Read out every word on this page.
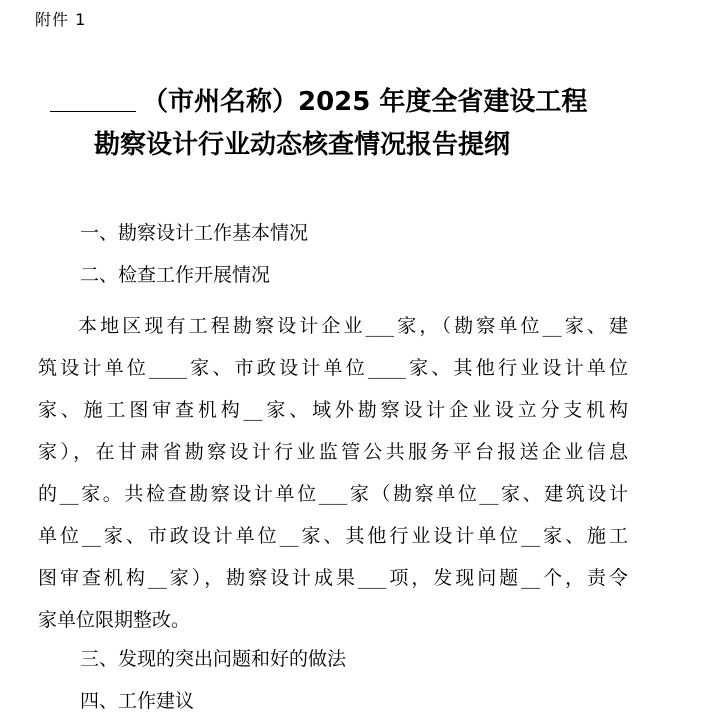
附件 1
（市州名称）2025 年度全省建设工程
勘察设计行业动态核查情况报告提纲
一、勘察设计工作基本情况
二、检查工作开展情况
本地区现有工程勘察设计企业___家，（勘察单位__家、建
筑设计单位____家、市政设计单位____家、其他行业设计单位
家、施工图审查机构__家、域外勘察设计企业设立分支机构
家），在甘肃省勘察设计行业监管公共服务平台报送企业信息
的__家。共检查勘察设计单位___家（勘察单位__家、建筑设计
单位__家、市政设计单位__家、其他行业设计单位__家、施工
图审查机构__家），勘察设计成果___项，发现问题__个，责令
家单位限期整改。
三、发现的突出问题和好的做法
四、工作建议
